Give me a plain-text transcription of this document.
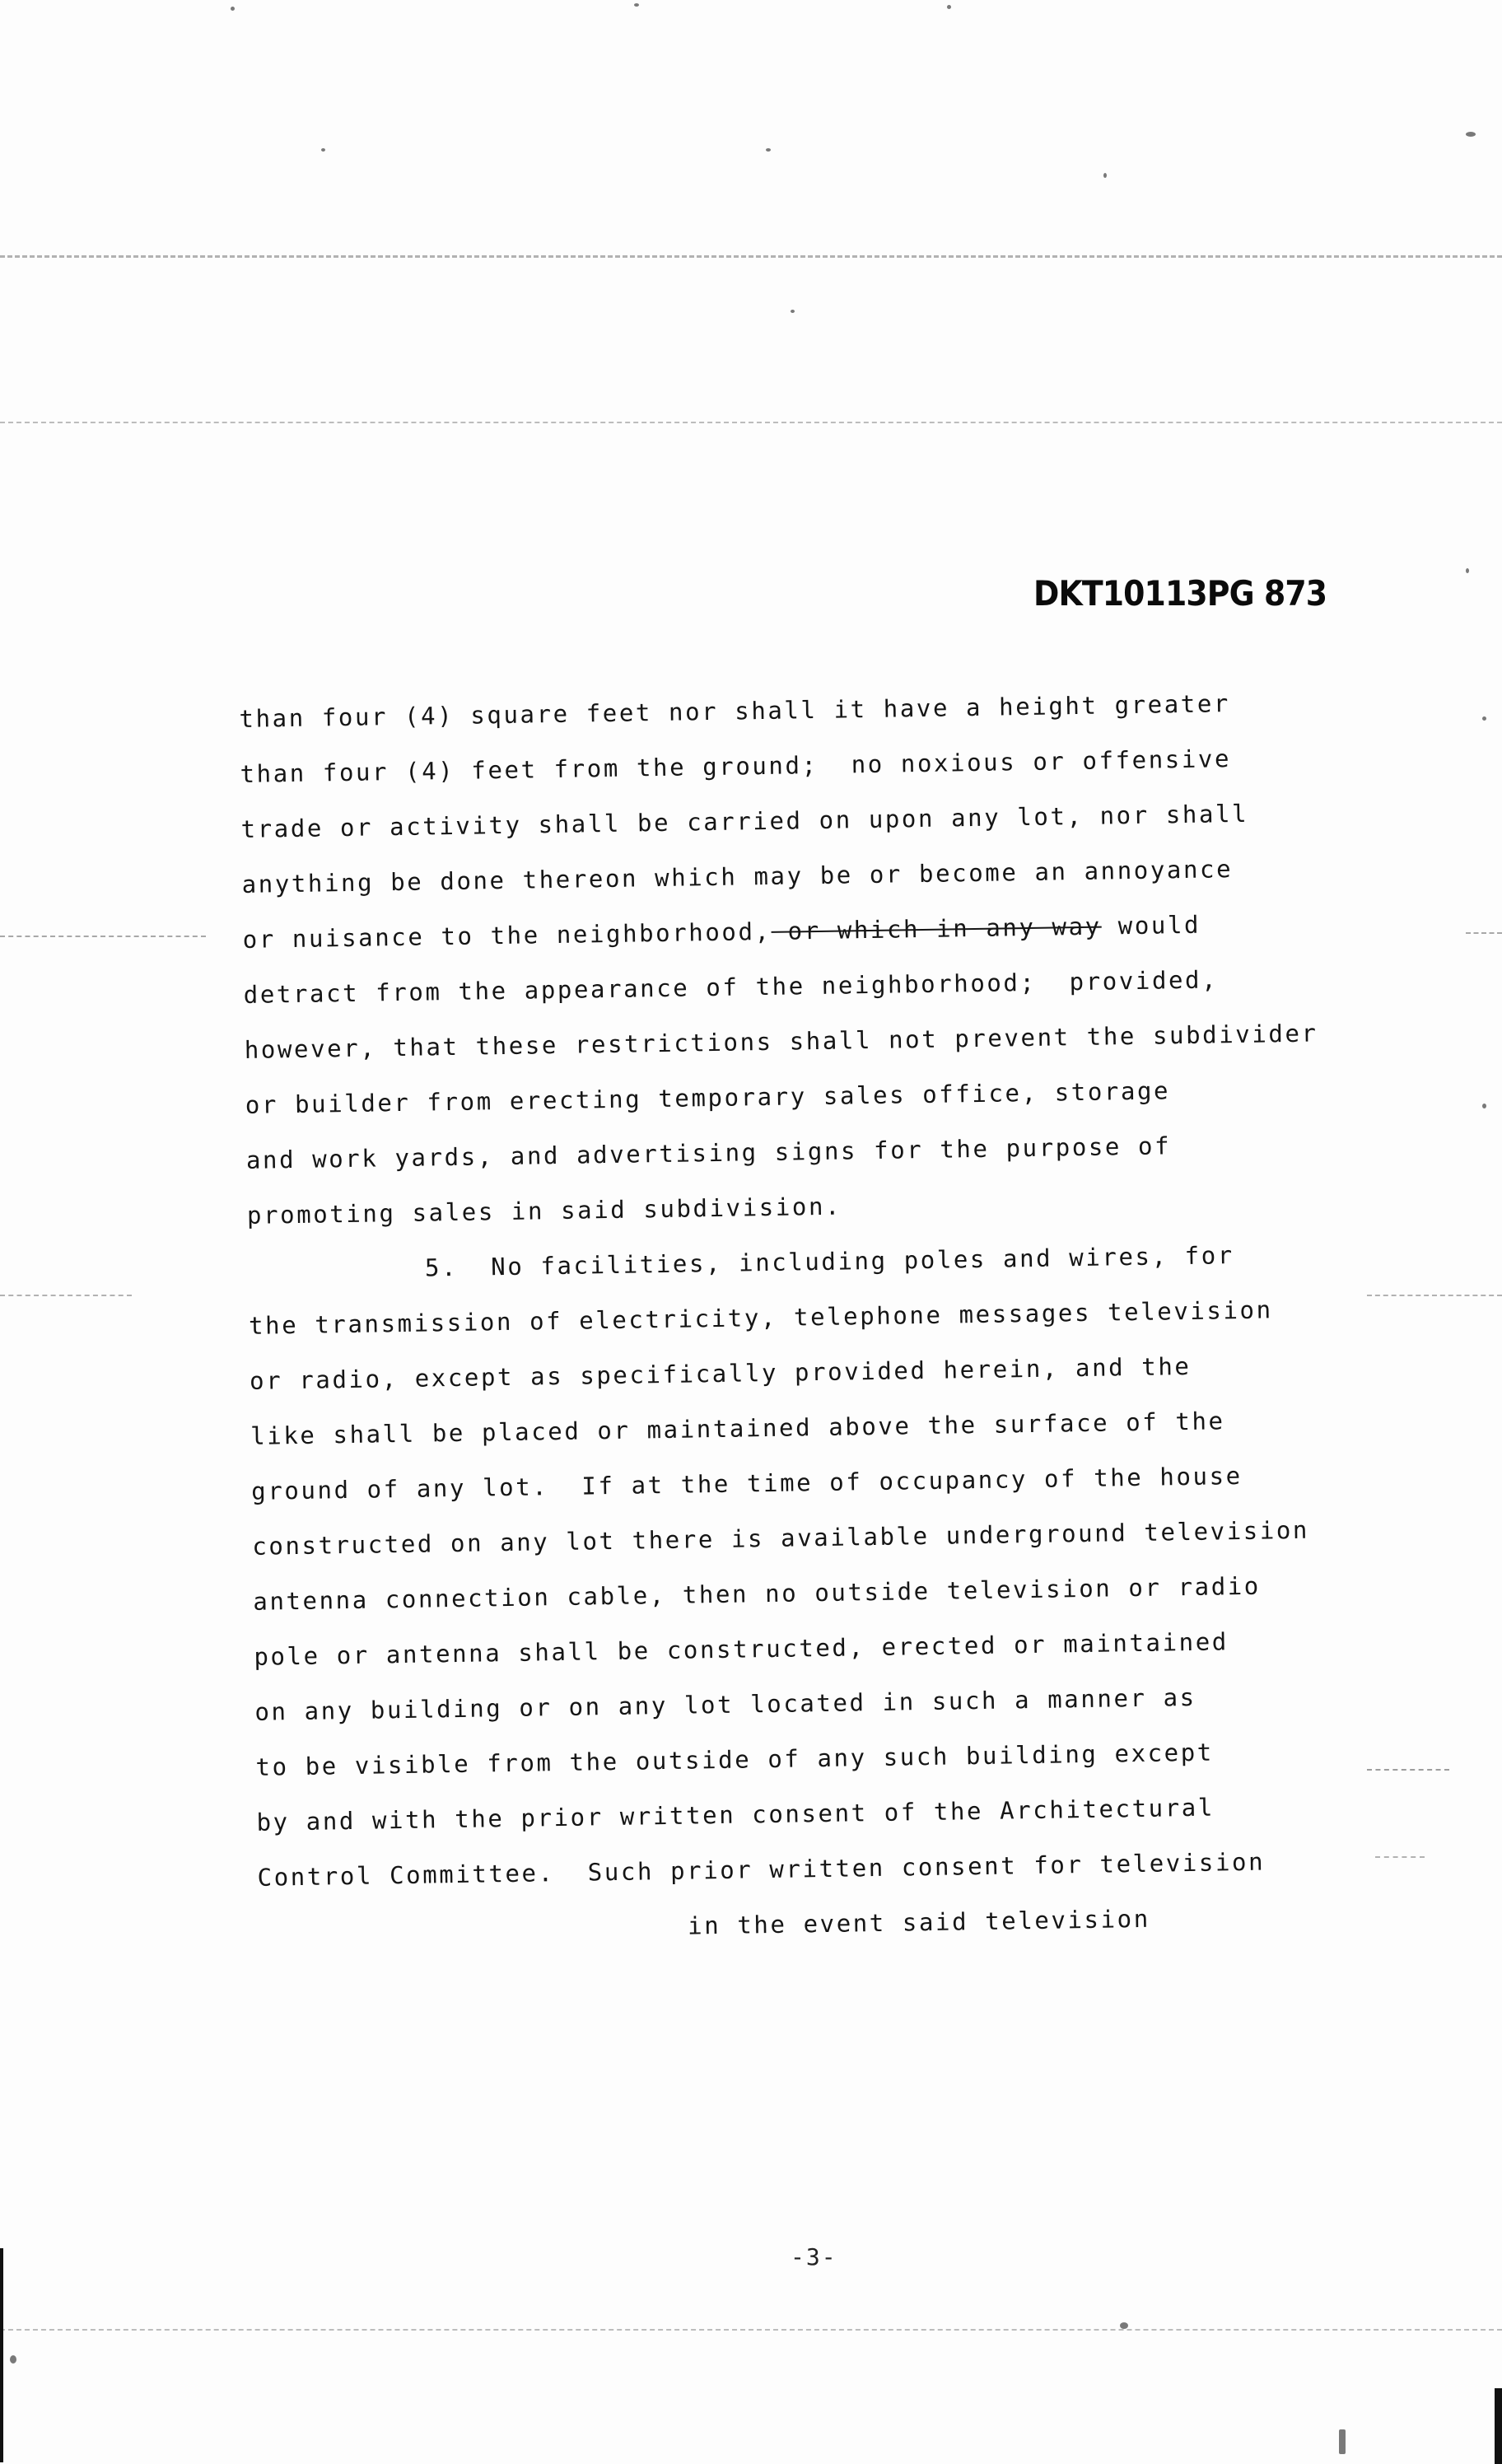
DKT10113PG 873
than four (4) square feet nor shall it have a height greater
than four (4) feet from the ground;  no noxious or offensive
trade or activity shall be carried on upon any lot, nor shall
anything be done thereon which may be or become an annoyance
or nuisance to the neighborhood, or which in any way would
detract from the appearance of the neighborhood;  provided,
however, that these restrictions shall not prevent the subdivider
or builder from erecting temporary sales office, storage
and work yards, and advertising signs for the purpose of
promoting sales in said subdivision.
5.  No facilities, including poles and wires, for
the transmission of electricity, telephone messages television
or radio, except as specifically provided herein, and the
like shall be placed or maintained above the surface of the
ground of any lot.  If at the time of occupancy of the house
constructed on any lot there is available underground television
antenna connection cable, then no outside television or radio
pole or antenna shall be constructed, erected or maintained
on any building or on any lot located in such a manner as
to be visible from the outside of any such building except
by and with the prior written consent of the Architectural
Control Committee.  Such prior written consent for television
in the event said television
-3-
